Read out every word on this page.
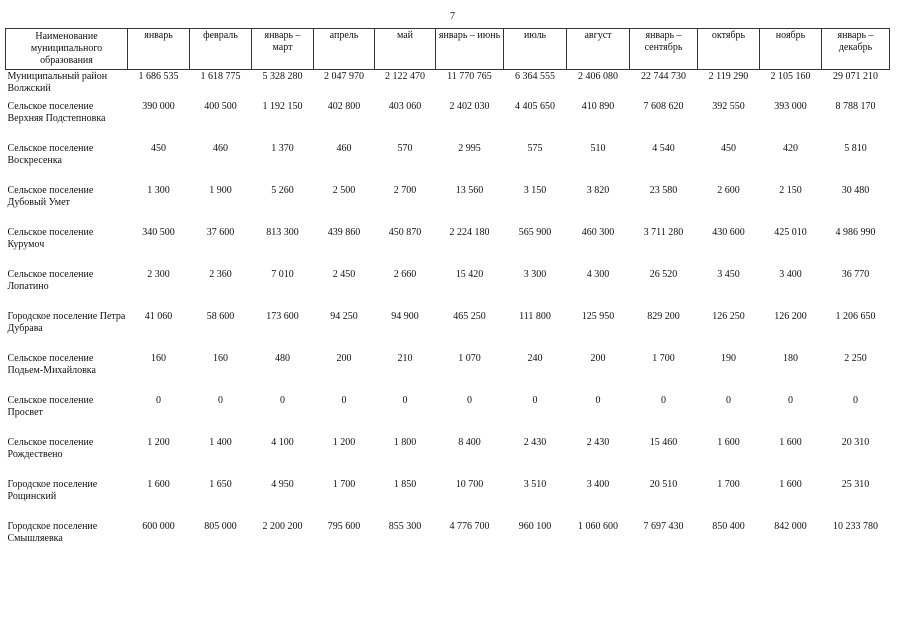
7
Наименование муниципального образования	январь	февраль	январь – март	апрель	май	январь – июнь	июль	август	январь – сентябрь	октябрь	ноябрь	январь – декабрь
Муниципальный район Волжский	1 686 535	1 618 775	5 328 280	2 047 970	2 122 470	11 770 765	6 364 555	2 406 080	22 744 730	2 119 290	2 105 160	29 071 210
Сельское поселение Верхняя Подстепновка	390 000	400 500	1 192 150	402 800	403 060	2 402 030	4 405 650	410 890	7 608 620	392 550	393 000	8 788 170
Сельское поселение Воскресенка	450	460	1 370	460	570	2 995	575	510	4 540	450	420	5 810
Сельское поселение Дубовый Умет	1 300	1 900	5 260	2 500	2 700	13 560	3 150	3 820	23 580	2 600	2 150	30 480
Сельское поселение Курумоч	340 500	37 600	813 300	439 860	450 870	2 224 180	565 900	460 300	3 711 280	430 600	425 010	4 986 990
Сельское поселение Лопатино	2 300	2 360	7 010	2 450	2 660	15 420	3 300	4 300	26 520	3 450	3 400	36 770
Городское поселение Петра Дубрава	41 060	58 600	173 600	94 250	94 900	465 250	111 800	125 950	829 200	126 250	126 200	1 206 650
Сельское поселение Подьем-Михайловка	160	160	480	200	210	1 070	240	200	1 700	190	180	2 250
Сельское поселение Просвет	0	0	0	0	0	0	0	0	0	0	0	0
Сельское поселение Рождествено	1 200	1 400	4 100	1 200	1 800	8 400	2 430	2 430	15 460	1 600	1 600	20 310
Городское поселение Рощинский	1 600	1 650	4 950	1 700	1 850	10 700	3 510	3 400	20 510	1 700	1 600	25 310
Городское поселение Смышляевка	600 000	805 000	2 200 200	795 600	855 300	4 776 700	960 100	1 060 600	7 697 430	850 400	842 000	10 233 780
